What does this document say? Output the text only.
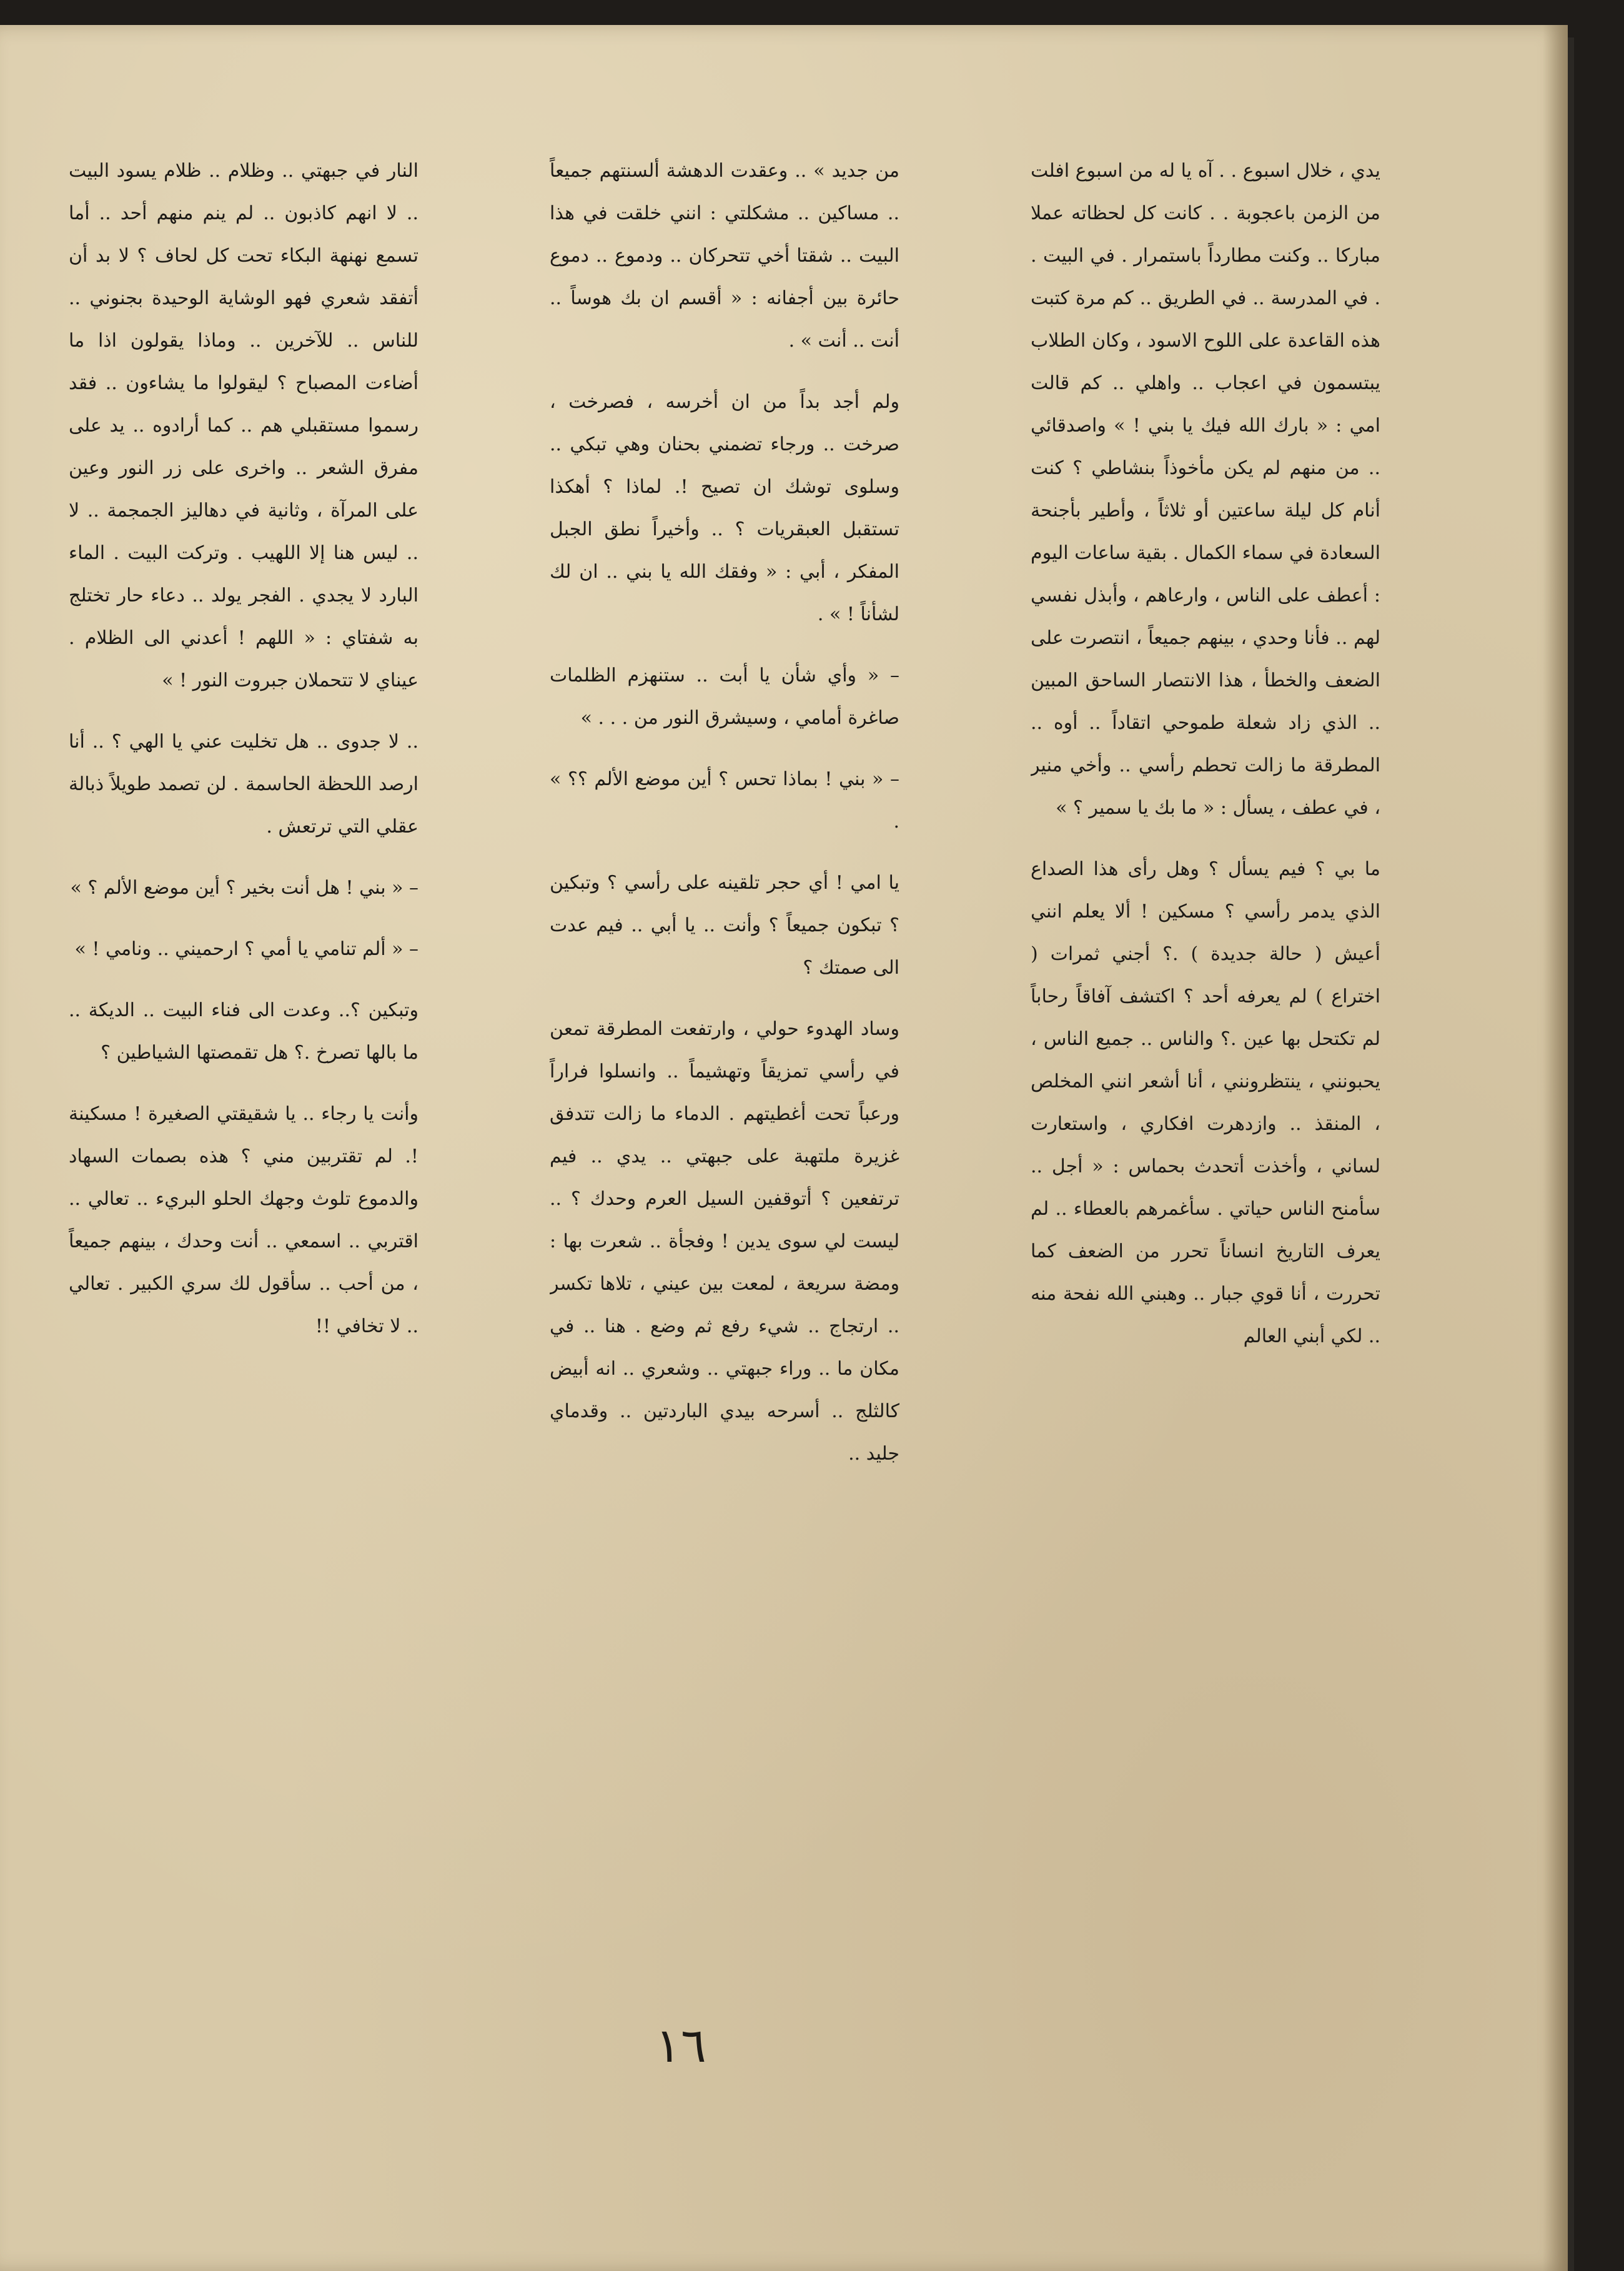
يدي ، خلال اسبوع . . آه يا له من اسبوع افلت من الزمن باعجوبة . . كانت كل لحظاته عملا مباركا .. وكنت مطارداً باستمرار . في البيت . . في المدرسة .. في الطريق .. كم مرة كتبت هذه القاعدة على اللوح الاسود ، وكان الطلاب يبتسمون في اعجاب .. واهلي .. كم قالت امي : « بارك الله فيك يا بني ! » واصدقائي .. من منهم لم يكن مأخوذاً بنشاطي ؟ كنت أنام كل ليلة ساعتين أو ثلاثاً ، وأطير بأجنحة السعادة في سماء الكمال . بقية ساعات اليوم : أعطف على الناس ، وارعاهم ، وأبذل نفسي لهم .. فأنا وحدي ، بينهم جميعاً ، انتصرت على الضعف والخطأ ، هذا الانتصار الساحق المبين .. الذي زاد شعلة طموحي اتقاداً .. أوه .. المطرقة ما زالت تحطم رأسي .. وأخي منير ، في عطف ، يسأل : « ما بك يا سمير ؟ »

ما بي ؟ فيم يسأل ؟ وهل رأى هذا الصداع الذي يدمر رأسي ؟ مسكين ! ألا يعلم انني أعيش ( حالة جديدة ) .؟ أجني ثمرات ( اختراع ) لم يعرفه أحد ؟ اكتشف آفاقاً رحاباً لم تكتحل بها عين .؟ والناس .. جميع الناس ، يحبونني ، ينتظرونني ، أنا أشعر انني المخلص ، المنقذ .. وازدهرت افكاري ، واستعارت لساني ، وأخذت أتحدث بحماس : « أجل .. سأمنح الناس حياتي . سأغمرهم بالعطاء .. لم يعرف التاريخ انساناً تحرر من الضعف كما تحررت ، أنا قوي جبار .. وهبني الله نفحة منه .. لكي أبني العالم

من جديد » .. وعقدت الدهشة ألسنتهم جميعاً .. مساكين .. مشكلتي : انني خلقت في هذا البيت .. شقتا أخي تتحركان .. ودموع .. دموع حائرة بين أجفانه : « أقسم ان بك هوساً .. أنت .. أنت » .

ولم أجد بداً من ان أخرسه ، فصرخت ، صرخت .. ورجاء تضمني بحنان وهي تبكي .. وسلوى توشك ان تصيح !. لماذا ؟ أهكذا تستقبل العبقريات ؟ .. وأخيراً نطق الجبل المفكر ، أبي : « وفقك الله يا بني .. ان لك لشأناً ! » .

– « وأي شأن يا أبت .. ستنهزم الظلمات صاغرة أمامي ، وسيشرق النور من . . . »

– « بني ! بماذا تحس ؟ أين موضع الألم ؟؟ » .

يا امي ! أي حجر تلقينه على رأسي ؟ وتبكين ؟ تبكون جميعاً ؟ وأنت .. يا أبي .. فيم عدت الى صمتك ؟

وساد الهدوء حولي ، وارتفعت المطرقة تمعن في رأسي تمزيقاً وتهشيماً .. وانسلوا فراراً ورعباً تحت أغطيتهم . الدماء ما زالت تتدفق غزيرة ملتهبة على جبهتي .. يدي .. فيم ترتفعين ؟ أتوقفين السيل العرم وحدك ؟ .. ليست لي سوى يدين ! وفجأة .. شعرت بها : ومضة سريعة ، لمعت بين عيني ، تلاها تكسر .. ارتجاج .. شيء رفع ثم وضع . هنا .. في مكان ما .. وراء جبهتي .. وشعري .. انه أبيض كالثلج .. أسرحه بيدي الباردتين .. وقدماي جليد ..

النار في جبهتي .. وظلام .. ظلام يسود البيت .. لا انهم كاذبون .. لم ينم منهم أحد .. أما تسمع نهنهة البكاء تحت كل لحاف ؟ لا بد أن أتفقد شعري فهو الوشاية الوحيدة بجنوني .. للناس .. للآخرين .. وماذا يقولون اذا ما أضاءت المصباح ؟ ليقولوا ما يشاءون .. فقد رسموا مستقبلي هم .. كما أرادوه .. يد على مفرق الشعر .. واخرى على زر النور وعين على المرآة ، وثانية في دهاليز الجمجمة .. لا .. ليس هنا إلا اللهيب . وتركت البيت . الماء البارد لا يجدي . الفجر يولد .. دعاء حار تختلج به شفتاي : « اللهم ! أعدني الى الظلام . عيناي لا تتحملان جبروت النور ! »

.. لا جدوى .. هل تخليت عني يا الهي ؟ .. أنا ارصد اللحظة الحاسمة . لن تصمد طويلاً ذبالة عقلي التي ترتعش .

– « بني ! هل أنت بخير ؟ أين موضع الألم ؟ »

– « ألم تنامي يا أمي ؟ ارحميني .. ونامي ! »

وتبكين ؟.. وعدت الى فناء البيت .. الديكة .. ما بالها تصرخ .؟ هل تقمصتها الشياطين ؟

وأنت يا رجاء .. يا شقيقتي الصغيرة ! مسكينة !. لم تقتربين مني ؟ هذه بصمات السهاد والدموع تلوث وجهك الحلو البريء .. تعالي .. اقتربي .. اسمعي .. أنت وحدك ، بينهم جميعاً ، من أحب .. سأقول لك سري الكبير . تعالي .. لا تخافي !!

١٦
